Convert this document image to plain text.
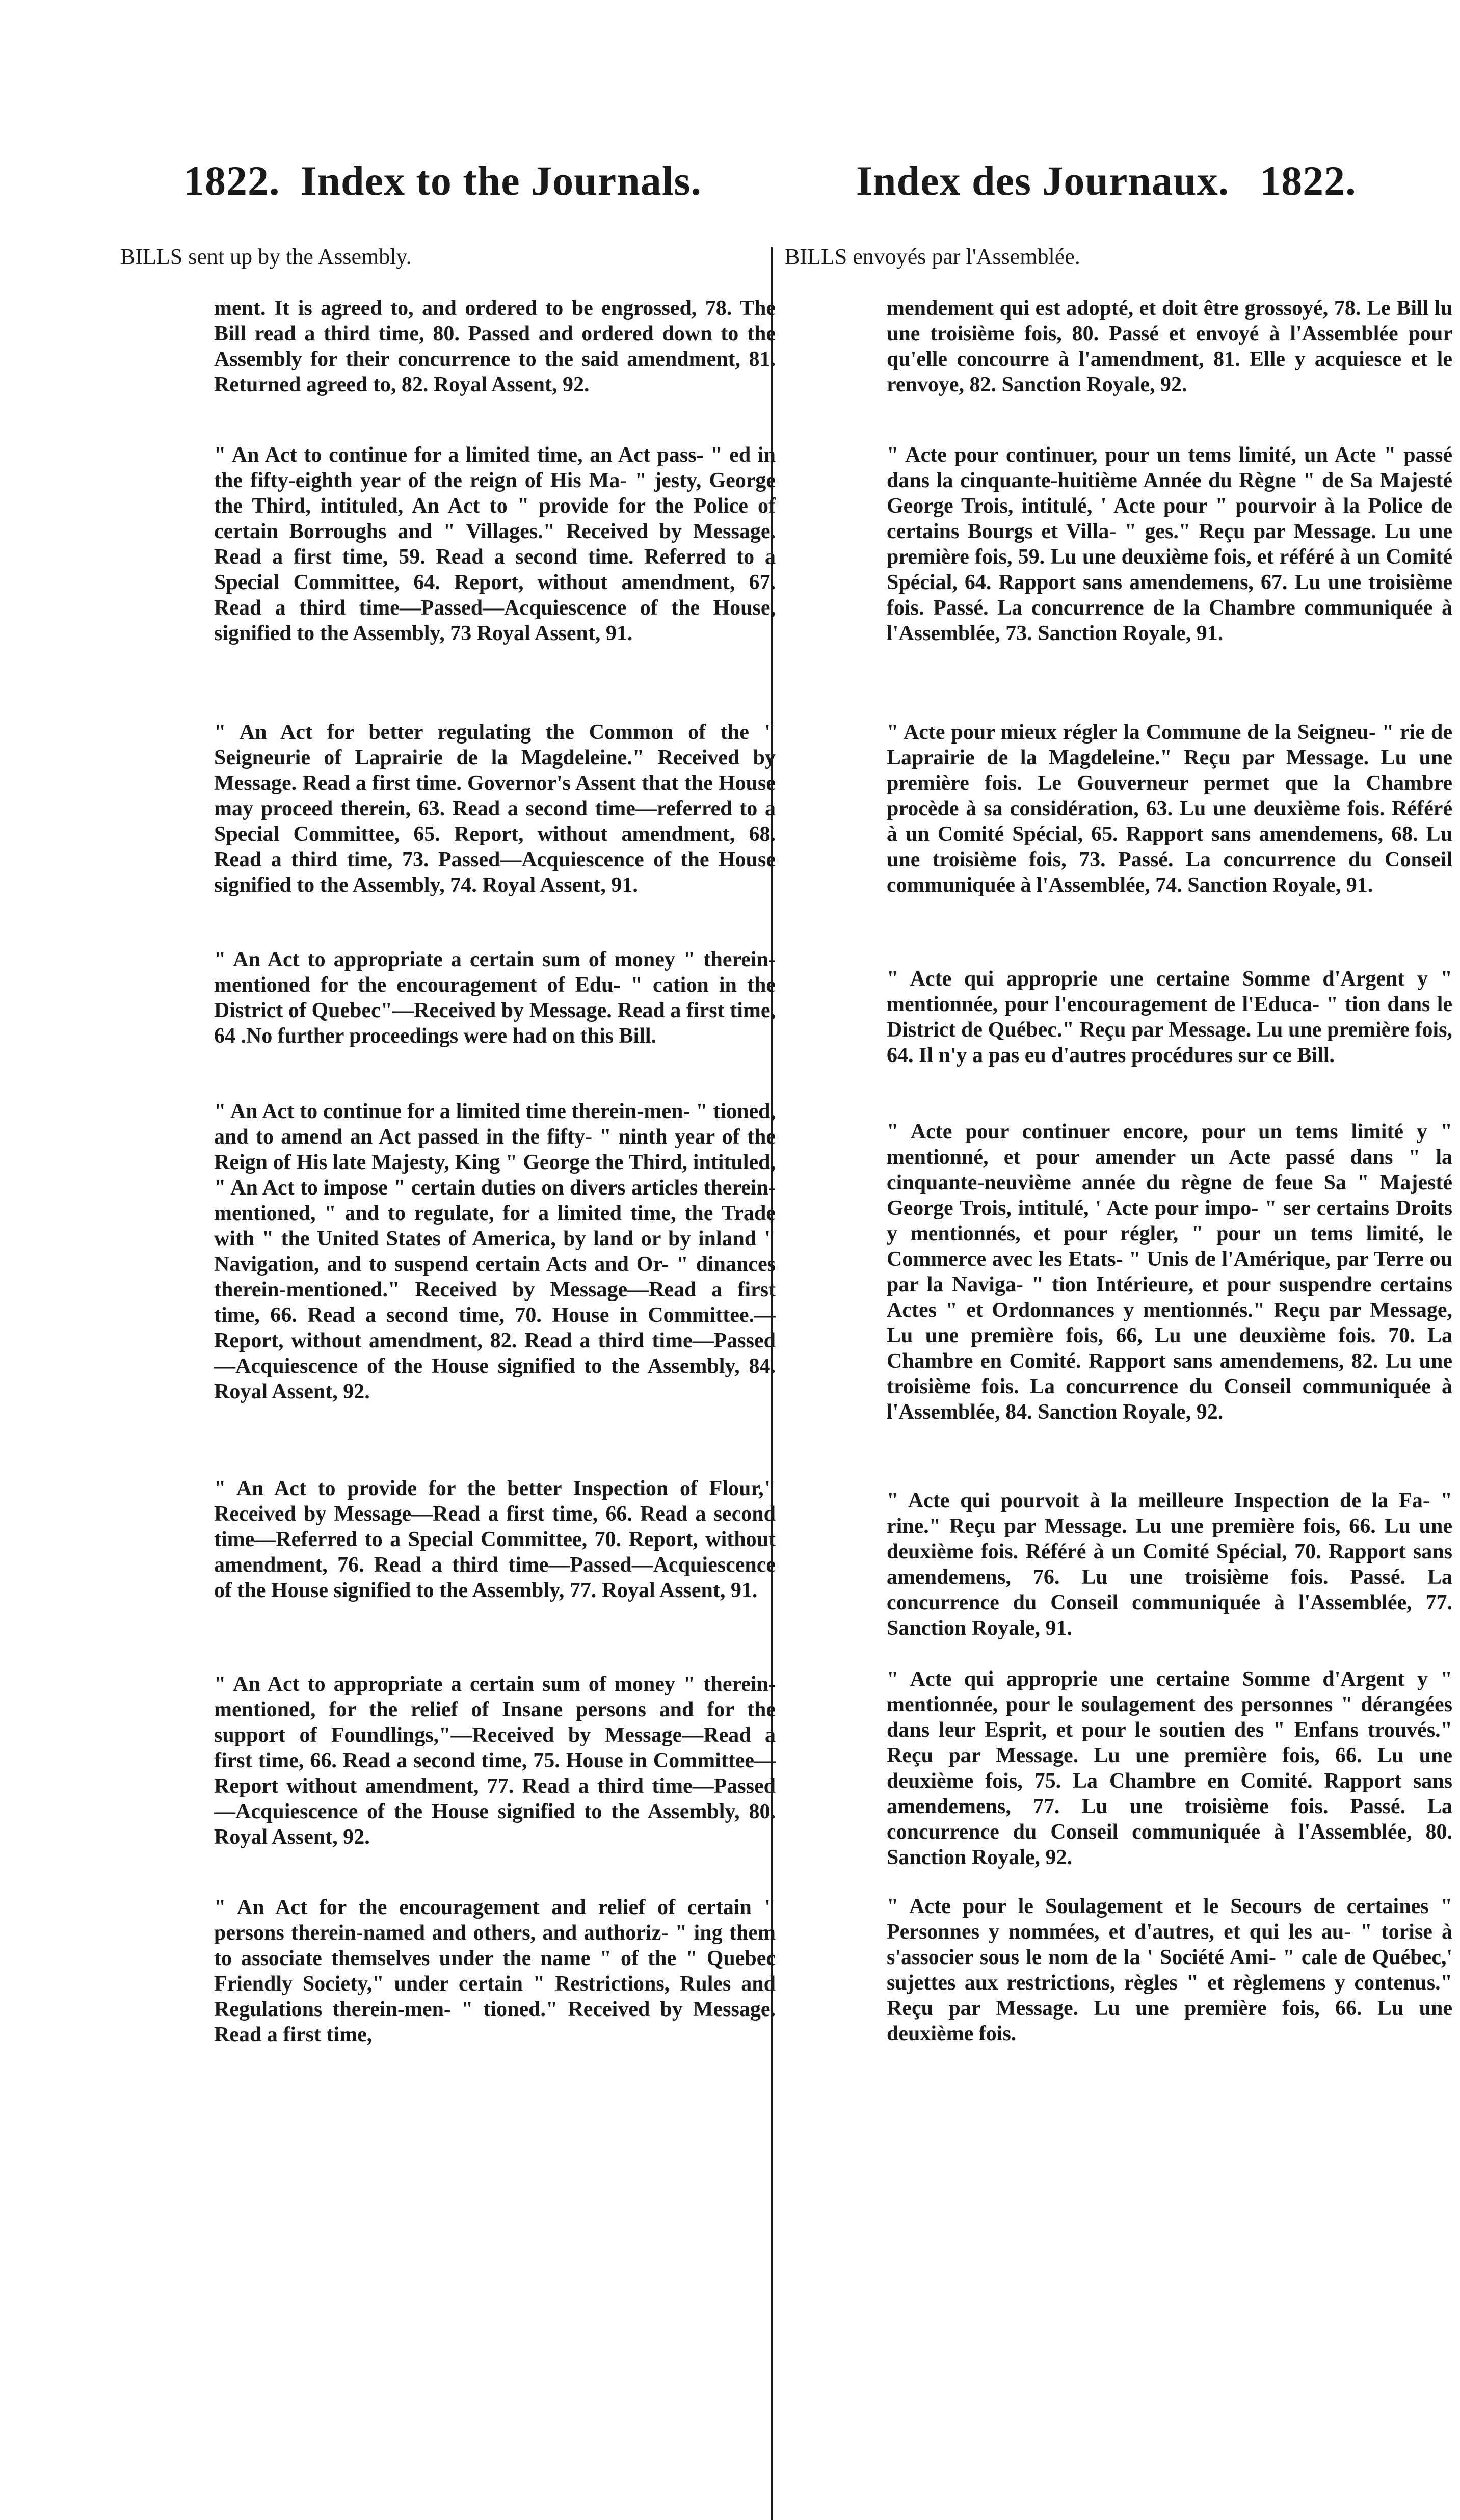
1822. Index to the Journals.	Index des Journaux. 1822.
BILLS sent up by the Assembly.	BILLS envoyés par l'Assemblée.
ment. It is agreed to, and ordered to be engrossed, 78. The Bill read a third time, 80. Passed and ordered down to the Assembly for their concurrence to the said amendment, 81. Returned agreed to, 82. Royal Assent, 92.
" An Act to continue for a limited time, an Act pass- " ed in the fifty-eighth year of the reign of His Ma- " jesty, George the Third, intituled, An Act to " provide for the Police of certain Borroughs and " Villages." Received by Message. Read a first time, 59. Read a second time. Referred to a Special Committee, 64. Report, without amendment, 67. Read a third time—Passed—Acquiescence of the House, signified to the Assembly, 73 Royal Assent, 91.
" An Act for better regulating the Common of the " Seigneurie of Laprairie de la Magdeleine." Received by Message. Read a first time. Governor's Assent that the House may proceed therein, 63. Read a second time—referred to a Special Committee, 65. Report, without amendment, 68. Read a third time, 73. Passed—Acquiescence of the House signified to the Assembly, 74. Royal Assent, 91.
" An Act to appropriate a certain sum of money " therein-mentioned for the encouragement of Edu- " cation in the District of Quebec"—Received by Message. Read a first time, 64 .No further proceedings were had on this Bill.
" An Act to continue for a limited time therein-men- " tioned, and to amend an Act passed in the fifty- " ninth year of the Reign of His late Majesty, King " George the Third, intituled, " An Act to impose " certain duties on divers articles therein-mentioned, " and to regulate, for a limited time, the Trade with " the United States of America, by land or by inland " Navigation, and to suspend certain Acts and Or- " dinances therein-mentioned." Received by Message—Read a first time, 66. Read a second time, 70. House in Committee.—Report, without amendment, 82. Read a third time—Passed—Acquiescence of the House signified to the Assembly, 84. Royal Assent, 92.
" An Act to provide for the better Inspection of Flour," Received by Message—Read a first time, 66. Read a second time—Referred to a Special Committee, 70. Report, without amendment, 76. Read a third time—Passed—Acquiescence of the House signified to the Assembly, 77. Royal Assent, 91.
" An Act to appropriate a certain sum of money " therein-mentioned, for the relief of Insane persons and for the support of Foundlings,"—Received by Message—Read a first time, 66. Read a second time, 75. House in Committee—Report without amendment, 77. Read a third time—Passed—Acquiescence of the House signified to the Assembly, 80. Royal Assent, 92.
" An Act for the encouragement and relief of certain " persons therein-named and others, and authoriz- " ing them to associate themselves under the name " of the " Quebec Friendly Society," under certain " Restrictions, Rules and Regulations therein-men- " tioned." Received by Message. Read a first time,
mendement qui est adopté, et doit être grossoyé, 78. Le Bill lu une troisième fois, 80. Passé et envoyé à l'Assemblée pour qu'elle concourre à l'amendment, 81. Elle y acquiesce et le renvoye, 82. Sanction Royale, 92.
" Acte pour continuer, pour un tems limité, un Acte " passé dans la cinquante-huitième Année du Règne " de Sa Majesté George Trois, intitulé, ' Acte pour " pourvoir à la Police de certains Bourgs et Villa- " ges." Reçu par Message. Lu une première fois, 59. Lu une deuxième fois, et référé à un Comité Spécial, 64. Rapport sans amendemens, 67. Lu une troisième fois. Passé. La concurrence de la Chambre communiquée à l'Assemblée, 73. Sanction Royale, 91.
" Acte pour mieux régler la Commune de la Seigneu- " rie de Laprairie de la Magdeleine." Reçu par Message. Lu une première fois. Le Gouverneur permet que la Chambre procède à sa considération, 63. Lu une deuxième fois. Référé à un Comité Spécial, 65. Rapport sans amendemens, 68. Lu une troisième fois, 73. Passé. La concurrence du Conseil communiquée à l'Assemblée, 74. Sanction Royale, 91.
" Acte qui approprie une certaine Somme d'Argent y " mentionnée, pour l'encouragement de l'Educa- " tion dans le District de Québec." Reçu par Message. Lu une première fois, 64. Il n'y a pas eu d'autres procédures sur ce Bill.
" Acte pour continuer encore, pour un tems limité y " mentionné, et pour amender un Acte passé dans " la cinquante-neuvième année du règne de feue Sa " Majesté George Trois, intitulé, ' Acte pour impo- " ser certains Droits y mentionnés, et pour régler, " pour un tems limité, le Commerce avec les Etats- " Unis de l'Amérique, par Terre ou par la Naviga- " tion Intérieure, et pour suspendre certains Actes " et Ordonnances y mentionnés." Reçu par Message, Lu une première fois, 66, Lu une deuxième fois. 70. La Chambre en Comité. Rapport sans amendemens, 82. Lu une troisième fois. La concurrence du Conseil communiquée à l'Assemblée, 84. Sanction Royale, 92.
" Acte qui pourvoit à la meilleure Inspection de la Fa- " rine." Reçu par Message. Lu une première fois, 66. Lu une deuxième fois. Référé à un Comité Spécial, 70. Rapport sans amendemens, 76. Lu une troisième fois. Passé. La concurrence du Conseil communiquée à l'Assemblée, 77. Sanction Royale, 91.
" Acte qui approprie une certaine Somme d'Argent y " mentionnée, pour le soulagement des personnes " dérangées dans leur Esprit, et pour le soutien des " Enfans trouvés." Reçu par Message. Lu une première fois, 66. Lu une deuxième fois, 75. La Chambre en Comité. Rapport sans amendemens, 77. Lu une troisième fois. Passé. La concurrence du Conseil communiquée à l'Assemblée, 80. Sanction Royale, 92.
" Acte pour le Soulagement et le Secours de certaines " Personnes y nommées, et d'autres, et qui les au- " torise à s'associer sous le nom de la ' Société Ami- " cale de Québec,' sujettes aux restrictions, règles " et règlemens y contenus." Reçu par Message. Lu une première fois, 66. Lu une deuxième fois.
